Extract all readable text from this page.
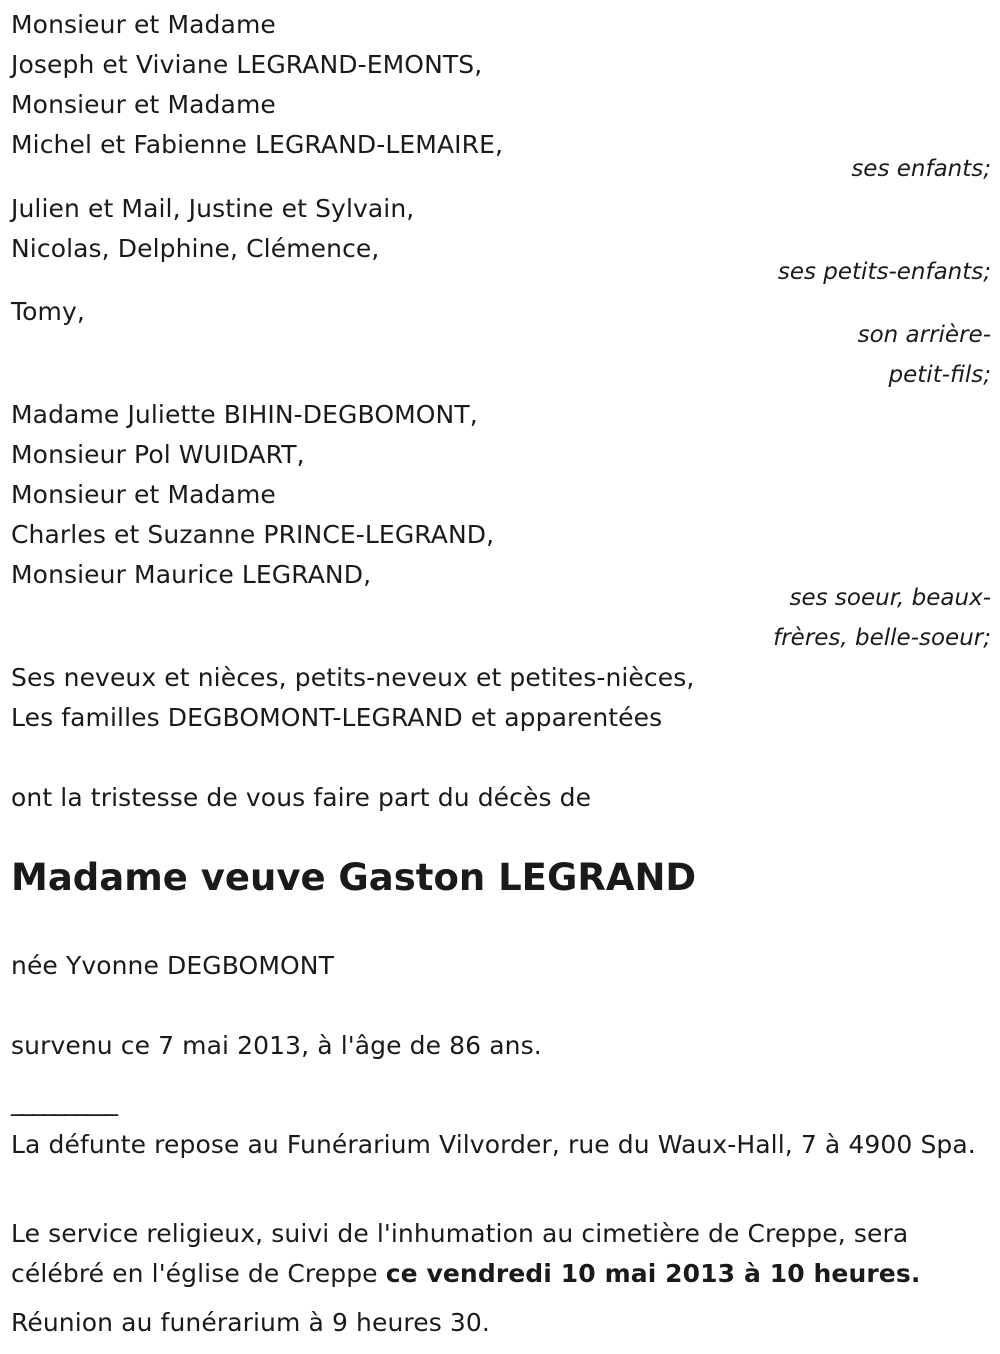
Monsieur et Madame
Joseph et Viviane LEGRAND-EMONTS,
Monsieur et Madame
Michel et Fabienne LEGRAND-LEMAIRE,
ses enfants;
Julien et Mail, Justine et Sylvain,
Nicolas, Delphine, Clémence,
ses petits-enfants;
Tomy,
son arrière-
petit-fils;
Madame Juliette BIHIN-DEGBOMONT,
Monsieur Pol WUIDART,
Monsieur et Madame
Charles et Suzanne PRINCE-LEGRAND,
Monsieur Maurice LEGRAND,
ses soeur, beaux-
frères, belle-soeur;
Ses neveux et nièces, petits-neveux et petites-nièces,
Les familles DEGBOMONT-LEGRAND et apparentées
ont la tristesse de vous faire part du décès de
Madame veuve Gaston LEGRAND
née Yvonne DEGBOMONT
survenu ce 7 mai 2013, à l'âge de 86 ans.
__________
La défunte repose au Funérarium Vilvorder, rue du Waux-Hall, 7 à 4900 Spa.
Le service religieux, suivi de l'inhumation au cimetière de Creppe, sera célébré en l'église de Creppe ce vendredi 10 mai 2013 à 10 heures.
Réunion au funérarium à 9 heures 30.
